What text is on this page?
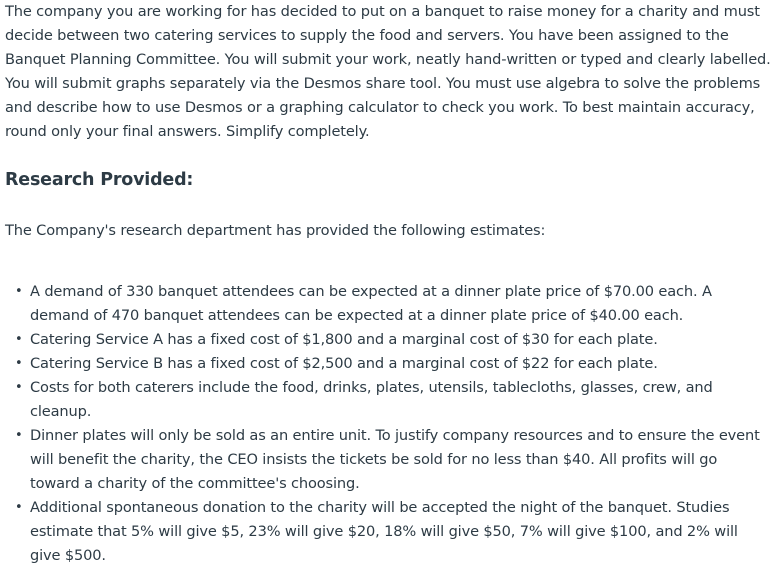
The company you are working for has decided to put on a banquet to raise money for a charity and must decide between two catering services to supply the food and servers. You have been assigned to the Banquet Planning Committee. You will submit your work, neatly hand-written or typed and clearly labelled. You will submit graphs separately via the Desmos share tool. You must use algebra to solve the problems and describe how to use Desmos or a graphing calculator to check you work. To best maintain accuracy, round only your final answers. Simplify completely.

Research Provided:

The Company's research department has provided the following estimates:

• A demand of 330 banquet attendees can be expected at a dinner plate price of $70.00 each. A demand of 470 banquet attendees can be expected at a dinner plate price of $40.00 each.
• Catering Service A has a fixed cost of $1,800 and a marginal cost of $30 for each plate.
• Catering Service B has a fixed cost of $2,500 and a marginal cost of $22 for each plate.
• Costs for both caterers include the food, drinks, plates, utensils, tablecloths, glasses, crew, and cleanup.
• Dinner plates will only be sold as an entire unit. To justify company resources and to ensure the event will benefit the charity, the CEO insists the tickets be sold for no less than $40. All profits will go toward a charity of the committee's choosing.
• Additional spontaneous donation to the charity will be accepted the night of the banquet. Studies estimate that 5% will give $5, 23% will give $20, 18% will give $50, 7% will give $100, and 2% will give $500.
